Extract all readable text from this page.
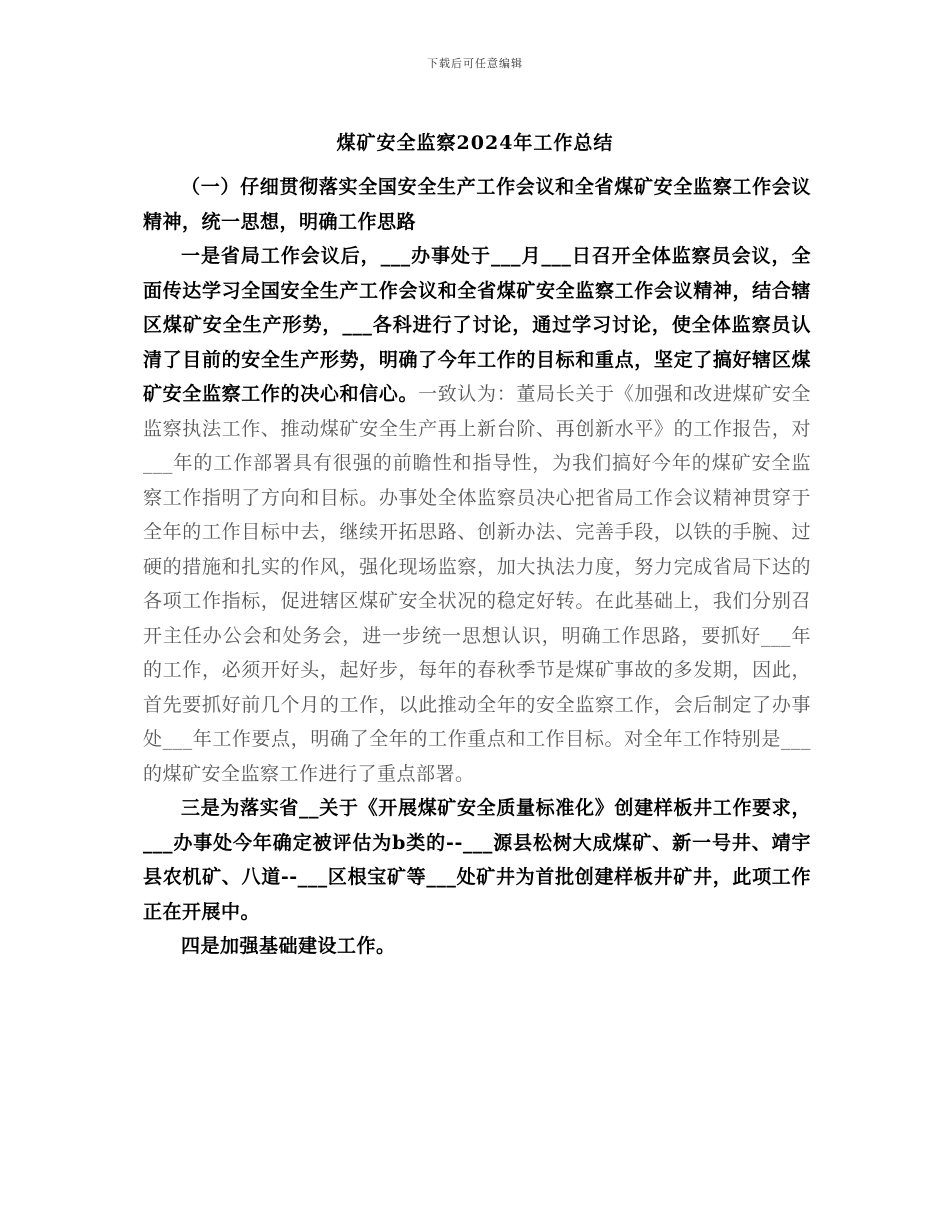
下载后可任意编辑
煤矿安全监察2024年工作总结

（一）仔细贯彻落实全国安全生产工作会议和全省煤矿安全监察工作会议精神，统一思想，明确工作思路

一是省局工作会议后，___办事处于___月___日召开全体监察员会议，全面传达学习全国安全生产工作会议和全省煤矿安全监察工作会议精神，结合辖区煤矿安全生产形势，___各科进行了讨论，通过学习讨论，使全体监察员认清了目前的安全生产形势，明确了今年工作的目标和重点，坚定了搞好辖区煤矿安全监察工作的决心和信心。一致认为：董局长关于《加强和改进煤矿安全监察执法工作、推动煤矿安全生产再上新台阶、再创新水平》的工作报告，对___年的工作部署具有很强的前瞻性和指导性，为我们搞好今年的煤矿安全监察工作指明了方向和目标。办事处全体监察员决心把省局工作会议精神贯穿于全年的工作目标中去，继续开拓思路、创新办法、完善手段，以铁的手腕、过硬的措施和扎实的作风，强化现场监察，加大执法力度，努力完成省局下达的各项工作指标，促进辖区煤矿安全状况的稳定好转。在此基础上，我们分别召开主任办公会和处务会，进一步统一思想认识，明确工作思路，要抓好___年的工作，必须开好头，起好步，每年的春秋季节是煤矿事故的多发期，因此，首先要抓好前几个月的工作，以此推动全年的安全监察工作，会后制定了办事处___年工作要点，明确了全年的工作重点和工作目标。对全年工作特别是___的煤矿安全监察工作进行了重点部署。

三是为落实省__关于《开展煤矿安全质量标准化》创建样板井工作要求，___办事处今年确定被评估为b类的--___源县松树大成煤矿、新一号井、靖宇县农机矿、八道--___区根宝矿等___处矿井为首批创建样板井矿井，此项工作正在开展中。

四是加强基础建设工作。
